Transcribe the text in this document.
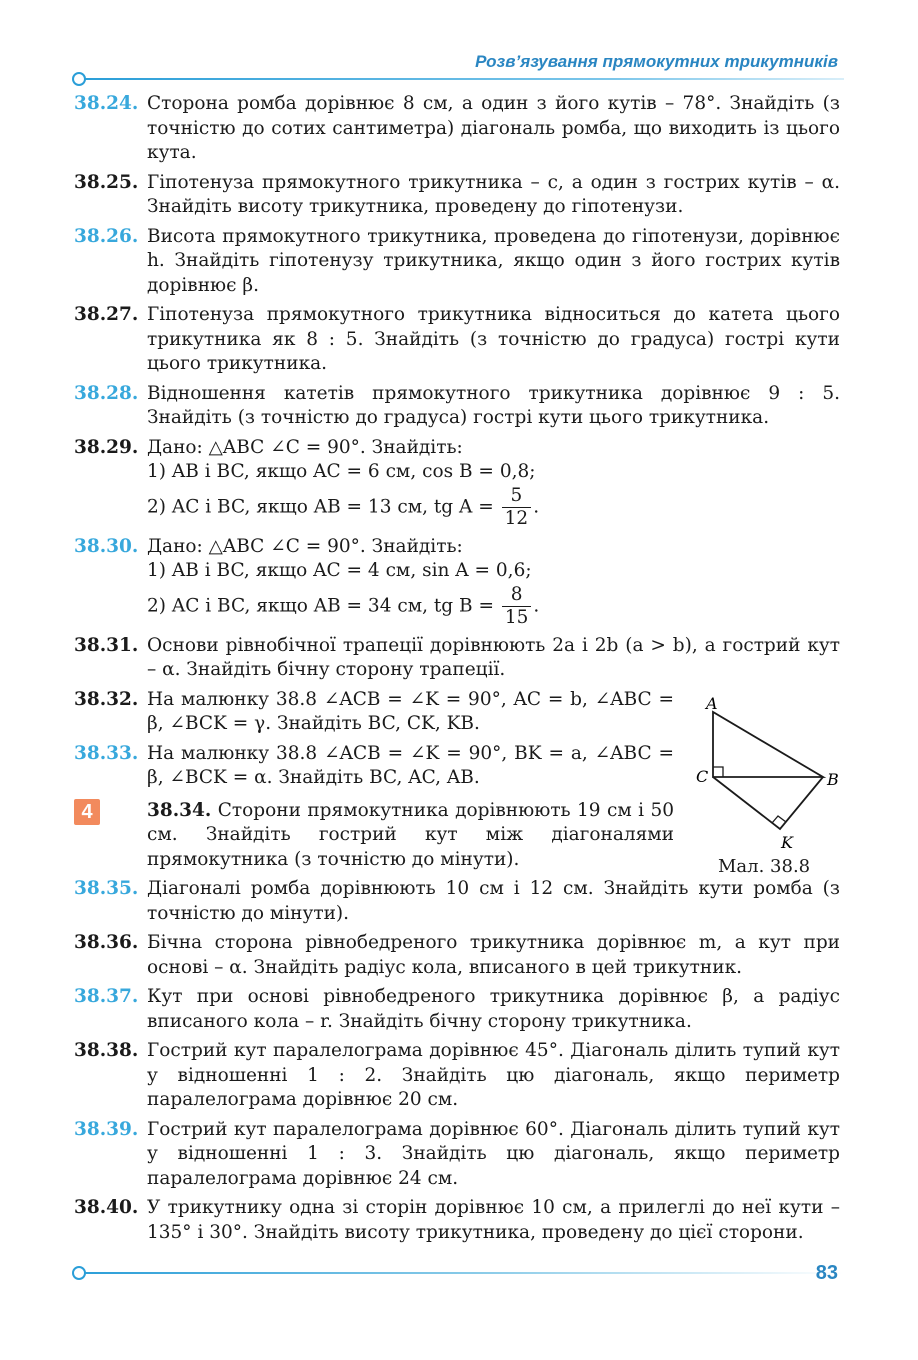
Розв’язування прямокутних трикутників
38.24. Сторона ромба дорівнює 8 см, а один з його кутів – 78°. Знайдіть (з точністю до сотих сантиметра) діагональ ромба, що виходить із цього кута.
38.25. Гіпотенуза прямокутного трикутника – c, а один з гострих кутів – α. Знайдіть висоту трикутника, проведену до гіпотенузи.
38.26. Висота прямокутного трикутника, проведена до гіпотенузи, дорівнює h. Знайдіть гіпотенузу трикутника, якщо один з його гострих кутів дорівнює β.
38.27. Гіпотенуза прямокутного трикутника відноситься до катета цього трикутника як 8 : 5. Знайдіть (з точністю до градуса) гострі кути цього трикутника.
38.28. Відношення катетів прямокутного трикутника дорівнює 9 : 5. Знайдіть (з точністю до градуса) гострі кути цього трикутника.
38.29. Дано: △ABC ∠C = 90°. Знайдіть:
1) AB і BC, якщо AC = 6 см, cos B = 0,8;
2) AC і BC, якщо AB = 13 см, tg $A = \frac{5}{12}$ .
38.30. Дано: △ABC ∠C = 90°. Знайдіть:
1) AB і BC, якщо AC = 4 см, sin A = 0,6;
2) AC і BC, якщо AB = 34 см, tg $B = \frac{8}{15}$ .
38.31. Основи рівнобічної трапеції дорівнюють 2a і 2b (a > b), а гострий кут – α. Знайдіть бічну сторону трапеції.
38.32. На малюнку 38.8 ∠ACB = ∠K = 90°, AC = b, ∠ABC = β, ∠BCK = γ. Знайдіть BC, CK, KB.
38.33. На малюнку 38.8 ∠ACB = ∠K = 90°, BK = a, ∠ABC = β, ∠BCK = α. Знайдіть BC, AC, AB.
4	38.34. Сторони прямокутника дорівнюють 19 см і 50 см. Знайдіть гострий кут між діагоналями прямокутника (з точністю до мінути).
38.35. Діагоналі ромба дорівнюють 10 см і 12 см. Знайдіть кути ромба (з точністю до мінути).
38.36. Бічна сторона рівнобедреного трикутника дорівнює m, а кут при основі – α. Знайдіть радіус кола, вписаного в цей трикутник.
38.37. Кут при основі рівнобедреного трикутника дорівнює β, а радіус вписаного кола – r. Знайдіть бічну сторону трикутника.
38.38. Гострий кут паралелограма дорівнює 45°. Діагональ ділить тупий кут у відношенні 1 : 2. Знайдіть цю діагональ, якщо периметр паралелограма дорівнює 20 см.
38.39. Гострий кут паралелограма дорівнює 60°. Діагональ ділить тупий кут у відношенні 1 : 3. Знайдіть цю діагональ, якщо периметр паралелограма дорівнює 24 см.
38.40. У трикутнику одна зі сторін дорівнює 10 см, а прилеглі до неї кути – 135° і 30°. Знайдіть висоту трикутника, проведену до цієї сторони.
A
C	B
K
Мал. 38.8
83
